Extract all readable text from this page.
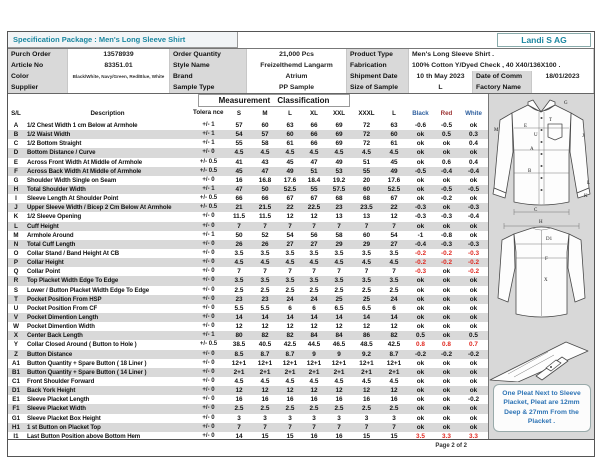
Specification Package : Men's Long Sleeve Shirt	Landi S AG
Purch Order	13578939	Order Quantity	21,000 Pcs	Product Type	Men's Long Sleeve Shirt .
Article No	83351.01	Style Name	Freizelthemd Langarm	Fabrication	100% Cotton Y/Dyed Check , 40 X40/136X100 .
Color	Black/White, Navy/Green, Red/Blue, White	Brand	Atrium	Shipment Date	10 th May 2023	Date of Comm	18/01/2023
Supplier	Sample Type	PP Sample	Size of Sample	L	Factory Name
Measurement Classification
S/L	Description	Tolera nce	S	M	L	XL	XXL	XXXL	L	Black	Red	White
A	1/2 Chest Width 1 cm Below at Armhole	+/- 1	57	60	63	66	69	72	63	-0.6	-0.5	ok
B	1/2 Waist Width	+/- 1	54	57	60	66	69	72	60	ok	0.5	0.3
C	1/2 Bottom Straight	+/- 1	55	58	61	66	69	72	61	ok	ok	0.4
D	Bottom Distance / Curve	+/- 0	4.5	4.5	4.5	4.5	4.5	4.5	4.5	ok	ok	ok
E	Across Front Width At Middle of Armhole	+/- 0.5	41	43	45	47	49	51	45	ok	0.6	0.4
F	Across Back Width At Middle of Armhole	+/- 0.5	45	47	49	51	53	55	49	-0.5	-0.4	-0.4
G	Shoulder Width Single on Seam	+/- 0	16	16.8	17.6	18.4	19.2	20	17.6	ok	ok	ok
H	Total Shoulder Width	+/- 1	47	50	52.5	55	57.5	60	52.5	ok	-0.5	-0.5
I	Sleeve Length At Shoulder Point	+/- 0.5	66	66	67	67	68	68	67	ok	-0.2	ok
J	Upper Sleeve Width / Bicep 2 Cm Below At Armhole	+/- 0.5	21	21.5	22	22.5	23	23.5	22	-0.3	ok	-0.3
K	1/2 Sleeve Opening	+/- 0	11.5	11.5	12	12	13	13	12	-0.3	-0.3	-0.4
L	Cuff Height	+/- 0	7	7	7	7	7	7	7	ok	ok	ok
M	Armhole Around	+/- 1	50	52	54	56	58	60	54	-1	-0.8	ok
N	Total Cuff Length	+/- 0	26	26	27	27	29	29	27	-0.4	-0.3	-0.3
O	Collar Stand / Band Height At CB	+/- 0	3.5	3.5	3.5	3.5	3.5	3.5	3.5	-0.2	-0.2	-0.3
P	Collar Height	+/- 0	4.5	4.5	4.5	4.5	4.5	4.5	4.5	-0.2	-0.2	-0.2
Q	Collar Point	+/- 0	7	7	7	7	7	7	7	-0.3	ok	-0.2
R	Top Placket Width Edge To Edge	+/- 0	3.5	3.5	3.5	3.5	3.5	3.5	3.5	ok	ok	ok
S	Lower / Button Placket Width Edge To Edge	+/- 0	2.5	2.5	2.5	2.5	2.5	2.5	2.5	ok	ok	ok
T	Pocket Position From HSP	+/- 0	23	23	24	24	25	25	24	ok	ok	ok
U	Pocket Position From CF	+/- 0	5.5	5.5	6	6	6.5	6.5	6	ok	ok	ok
V	Pocket Dimention Length	+/- 0	14	14	14	14	14	14	14	ok	ok	ok
W	Pocket Dimention Width	+/- 0	12	12	12	12	12	12	12	ok	ok	ok
X	Center Back Length	+/- 1	80	82	82	84	84	86	82	0.5	ok	0.5
Y	Collar Closed Around ( Button to Hole )	+/- 0.5	38.5	40.5	42.5	44.5	46.5	48.5	42.5	0.8	0.8	0.7
Z	Button Distance	+/- 0	8.5	8.7	8.7	9	9	9.2	8.7	-0.2	-0.2	-0.2
A1	Button Quantity + Spare Button ( 18 Liner )	+/- 0	12+1	12+1	12+1	12+1	12+1	12+1	12+1	ok	ok	ok
B1	Button Quantity + Spare Button ( 14 Liner )	+/- 0	2+1	2+1	2+1	2+1	2+1	2+1	2+1	ok	ok	ok
C1	Front Shoulder Forward	+/- 0	4.5	4.5	4.5	4.5	4.5	4.5	4.5	ok	ok	ok
D1	Back York Height	+/- 0	12	12	12	12	12	12	12	ok	ok	ok
E1	Sleeve Placket Length	+/- 0	16	16	16	16	16	16	16	ok	ok	-0.2
F1	Sleeve Placket Width	+/- 0	2.5	2.5	2.5	2.5	2.5	2.5	2.5	ok	ok	ok
G1	Sleeve Placket Box Height	+/- 0	3	3	3	3	3	3	3	ok	ok	ok
H1	1 st Button on Placket Top	+/- 0	7	7	7	7	7	7	7	ok	ok	ok
I1	Last Button Position above Bottom Hem	+/- 0	14	15	15	16	16	15	15	3.5	3.3	3.3
G
T
M
E
U	J
A
B
L
K
C
H
D1
F
X
One Pleat Next to Sleeve Placket, Pleat are 12mm Deep & 27mm From the Placket .
Page 2 of 2
